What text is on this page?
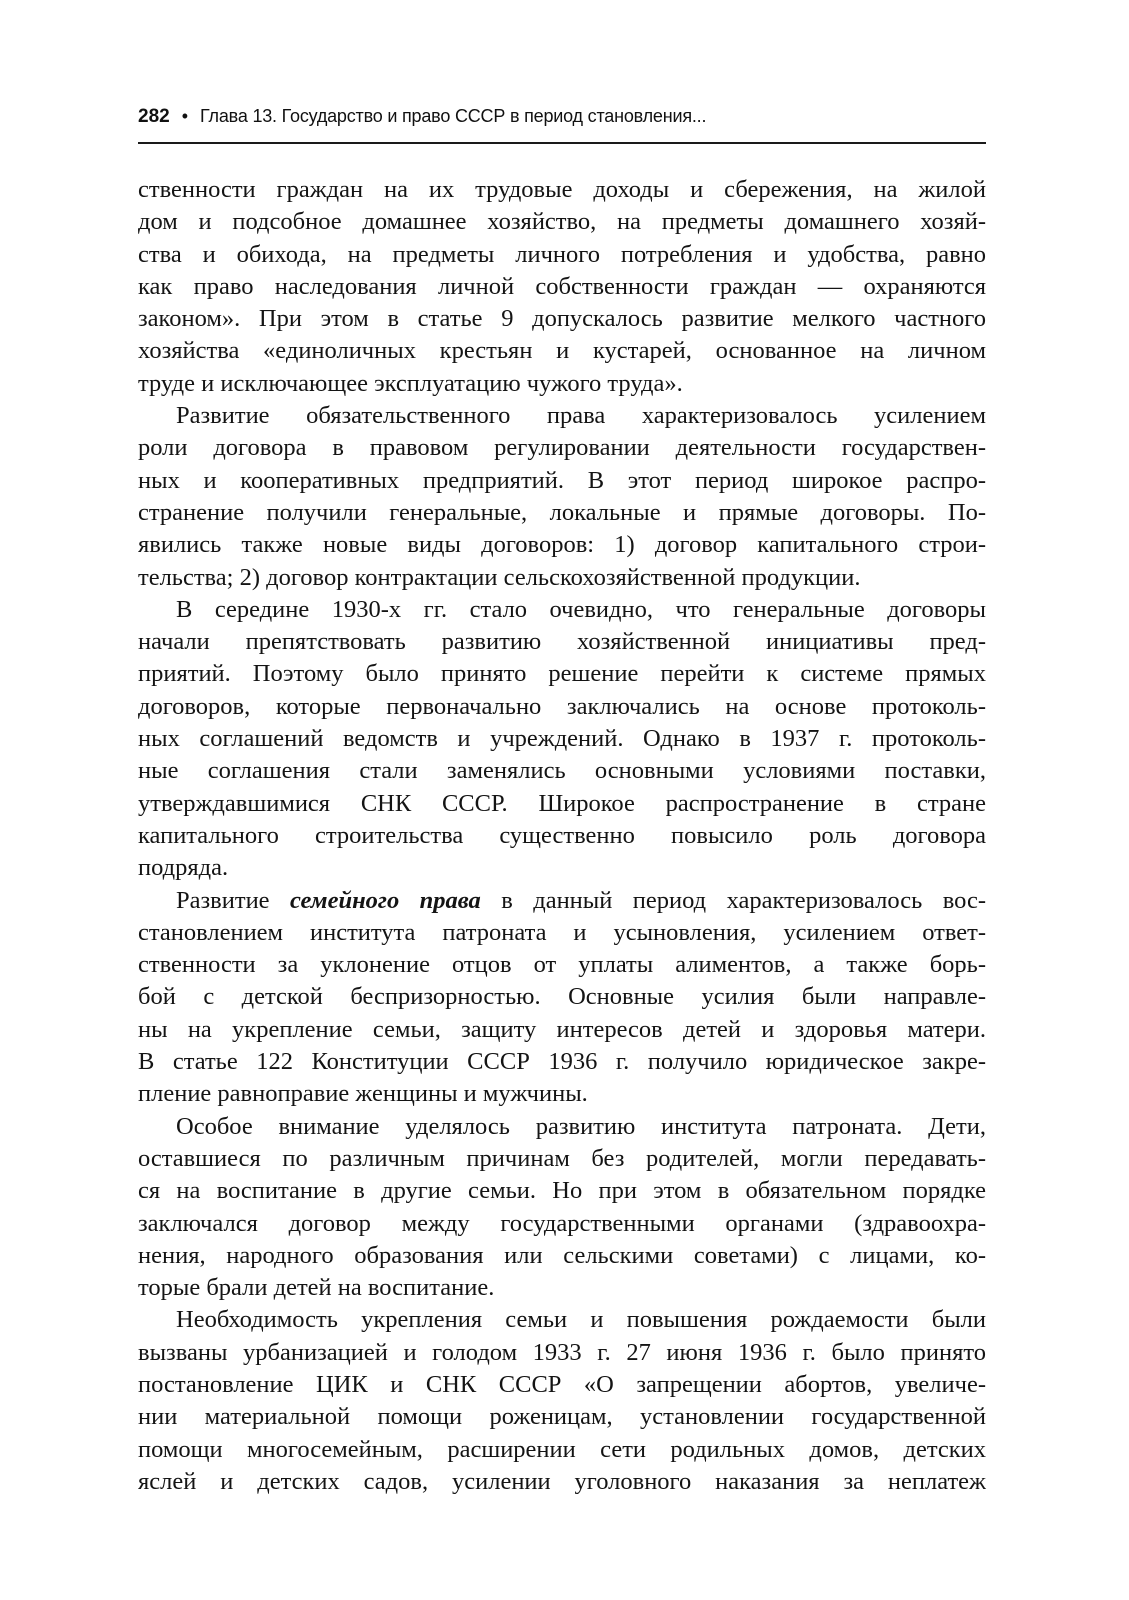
282 • Глава 13. Государство и право СССР в период становления...

ственности граждан на их трудовые доходы и сбережения, на жилой
дом и подсобное домашнее хозяйство, на предметы домашнего хозяй-
ства и обихода, на предметы личного потребления и удобства, равно
как право наследования личной собственности граждан — охраняются
законом». При этом в статье 9 допускалось развитие мелкого частного
хозяйства «единоличных крестьян и кустарей, основанное на личном
труде и исключающее эксплуатацию чужого труда».

Развитие обязательственного права характеризовалось усилением
роли договора в правовом регулировании деятельности государствен-
ных и кооперативных предприятий. В этот период широкое распро-
странение получили генеральные, локальные и прямые договоры. По-
явились также новые виды договоров: 1) договор капитального строи-
тельства; 2) договор контрактации сельскохозяйственной продукции.

В середине 1930-х гг. стало очевидно, что генеральные договоры
начали препятствовать развитию хозяйственной инициативы пред-
приятий. Поэтому было принято решение перейти к системе прямых
договоров, которые первоначально заключались на основе протоколь-
ных соглашений ведомств и учреждений. Однако в 1937 г. протоколь-
ные соглашения стали заменялись основными условиями поставки,
утверждавшимися СНК СССР. Широкое распространение в стране
капитального строительства существенно повысило роль договора
подряда.

Развитие семейного права в данный период характеризовалось вос-
становлением института патроната и усыновления, усилением ответ-
ственности за уклонение отцов от уплаты алиментов, а также борь-
бой с детской беспризорностью. Основные усилия были направле-
ны на укрепление семьи, защиту интересов детей и здоровья матери.
В статье 122 Конституции СССР 1936 г. получило юридическое закре-
пление равноправие женщины и мужчины.

Особое внимание уделялось развитию института патроната. Дети,
оставшиеся по различным причинам без родителей, могли передавать-
ся на воспитание в другие семьи. Но при этом в обязательном порядке
заключался договор между государственными органами (здравоохра-
нения, народного образования или сельскими советами) с лицами, ко-
торые брали детей на воспитание.

Необходимость укрепления семьи и повышения рождаемости были
вызваны урбанизацией и голодом 1933 г. 27 июня 1936 г. было принято
постановление ЦИК и СНК СССР «О запрещении абортов, увеличе-
нии материальной помощи роженицам, установлении государственной
помощи многосемейным, расширении сети родильных домов, детских
яслей и детских садов, усилении уголовного наказания за неплатеж
